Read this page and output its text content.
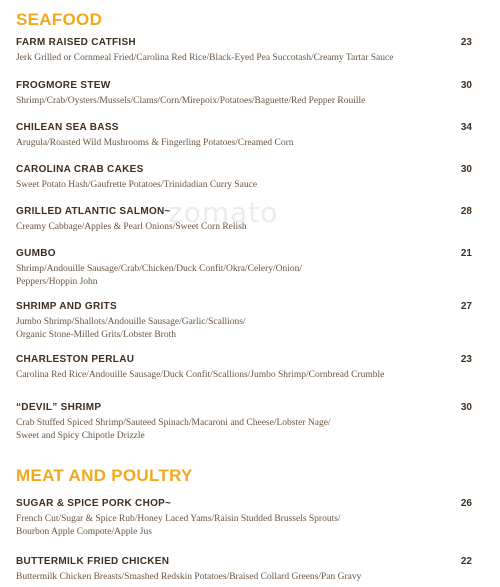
SEAFOOD
FARM RAISED CATFISH	23
Jerk Grilled or Cornmeal Fried/Carolina Red Rice/Black-Eyed Pea Succotash/Creamy Tartar Sauce
FROGMORE STEW	30
Shrimp/Crab/Oysters/Mussels/Clams/Corn/Mirepoix/Potatoes/Baguette/Red Pepper Rouille
CHILEAN SEA BASS	34
Arugula/Roasted Wild Mushrooms & Fingerling Potatoes/Creamed Corn
CAROLINA CRAB CAKES	30
Sweet Potato Hash/Gaufrette Potatoes/Trinidadian Curry Sauce
GRILLED ATLANTIC SALMON~	28
Creamy Cabbage/Apples & Pearl Onions/Sweet Corn Relish
GUMBO	21
Shrimp/Andouille Sausage/Crab/Chicken/Duck Confit/Okra/Celery/Onion/
Peppers/Hoppin John
SHRIMP AND GRITS	27
Jumbo Shrimp/Shallots/Andouille Sausage/Garlic/Scallions/
Organic Stone-Milled Grits/Lobster Broth
CHARLESTON PERLAU	23
Carolina Red Rice/Andouille Sausage/Duck Confit/Scallions/Jumbo Shrimp/Cornbread Crumble
“DEVIL” SHRIMP	30
Crab Stuffed Spiced Shrimp/Sauteed Spinach/Macaroni and Cheese/Lobster Nage/
Sweet and Spicy Chipotle Drizzle
MEAT AND POULTRY
SUGAR & SPICE PORK CHOP~	26
French Cut/Sugar & Spice Rub/Honey Laced Yams/Raisin Studded Brussels Sprouts/
Bourbon Apple Compote/Apple Jus
BUTTERMILK FRIED CHICKEN	22
Buttermilk Chicken Breasts/Smashed Redskin Potatoes/Braised Collard Greens/Pan Gravy
zomato
